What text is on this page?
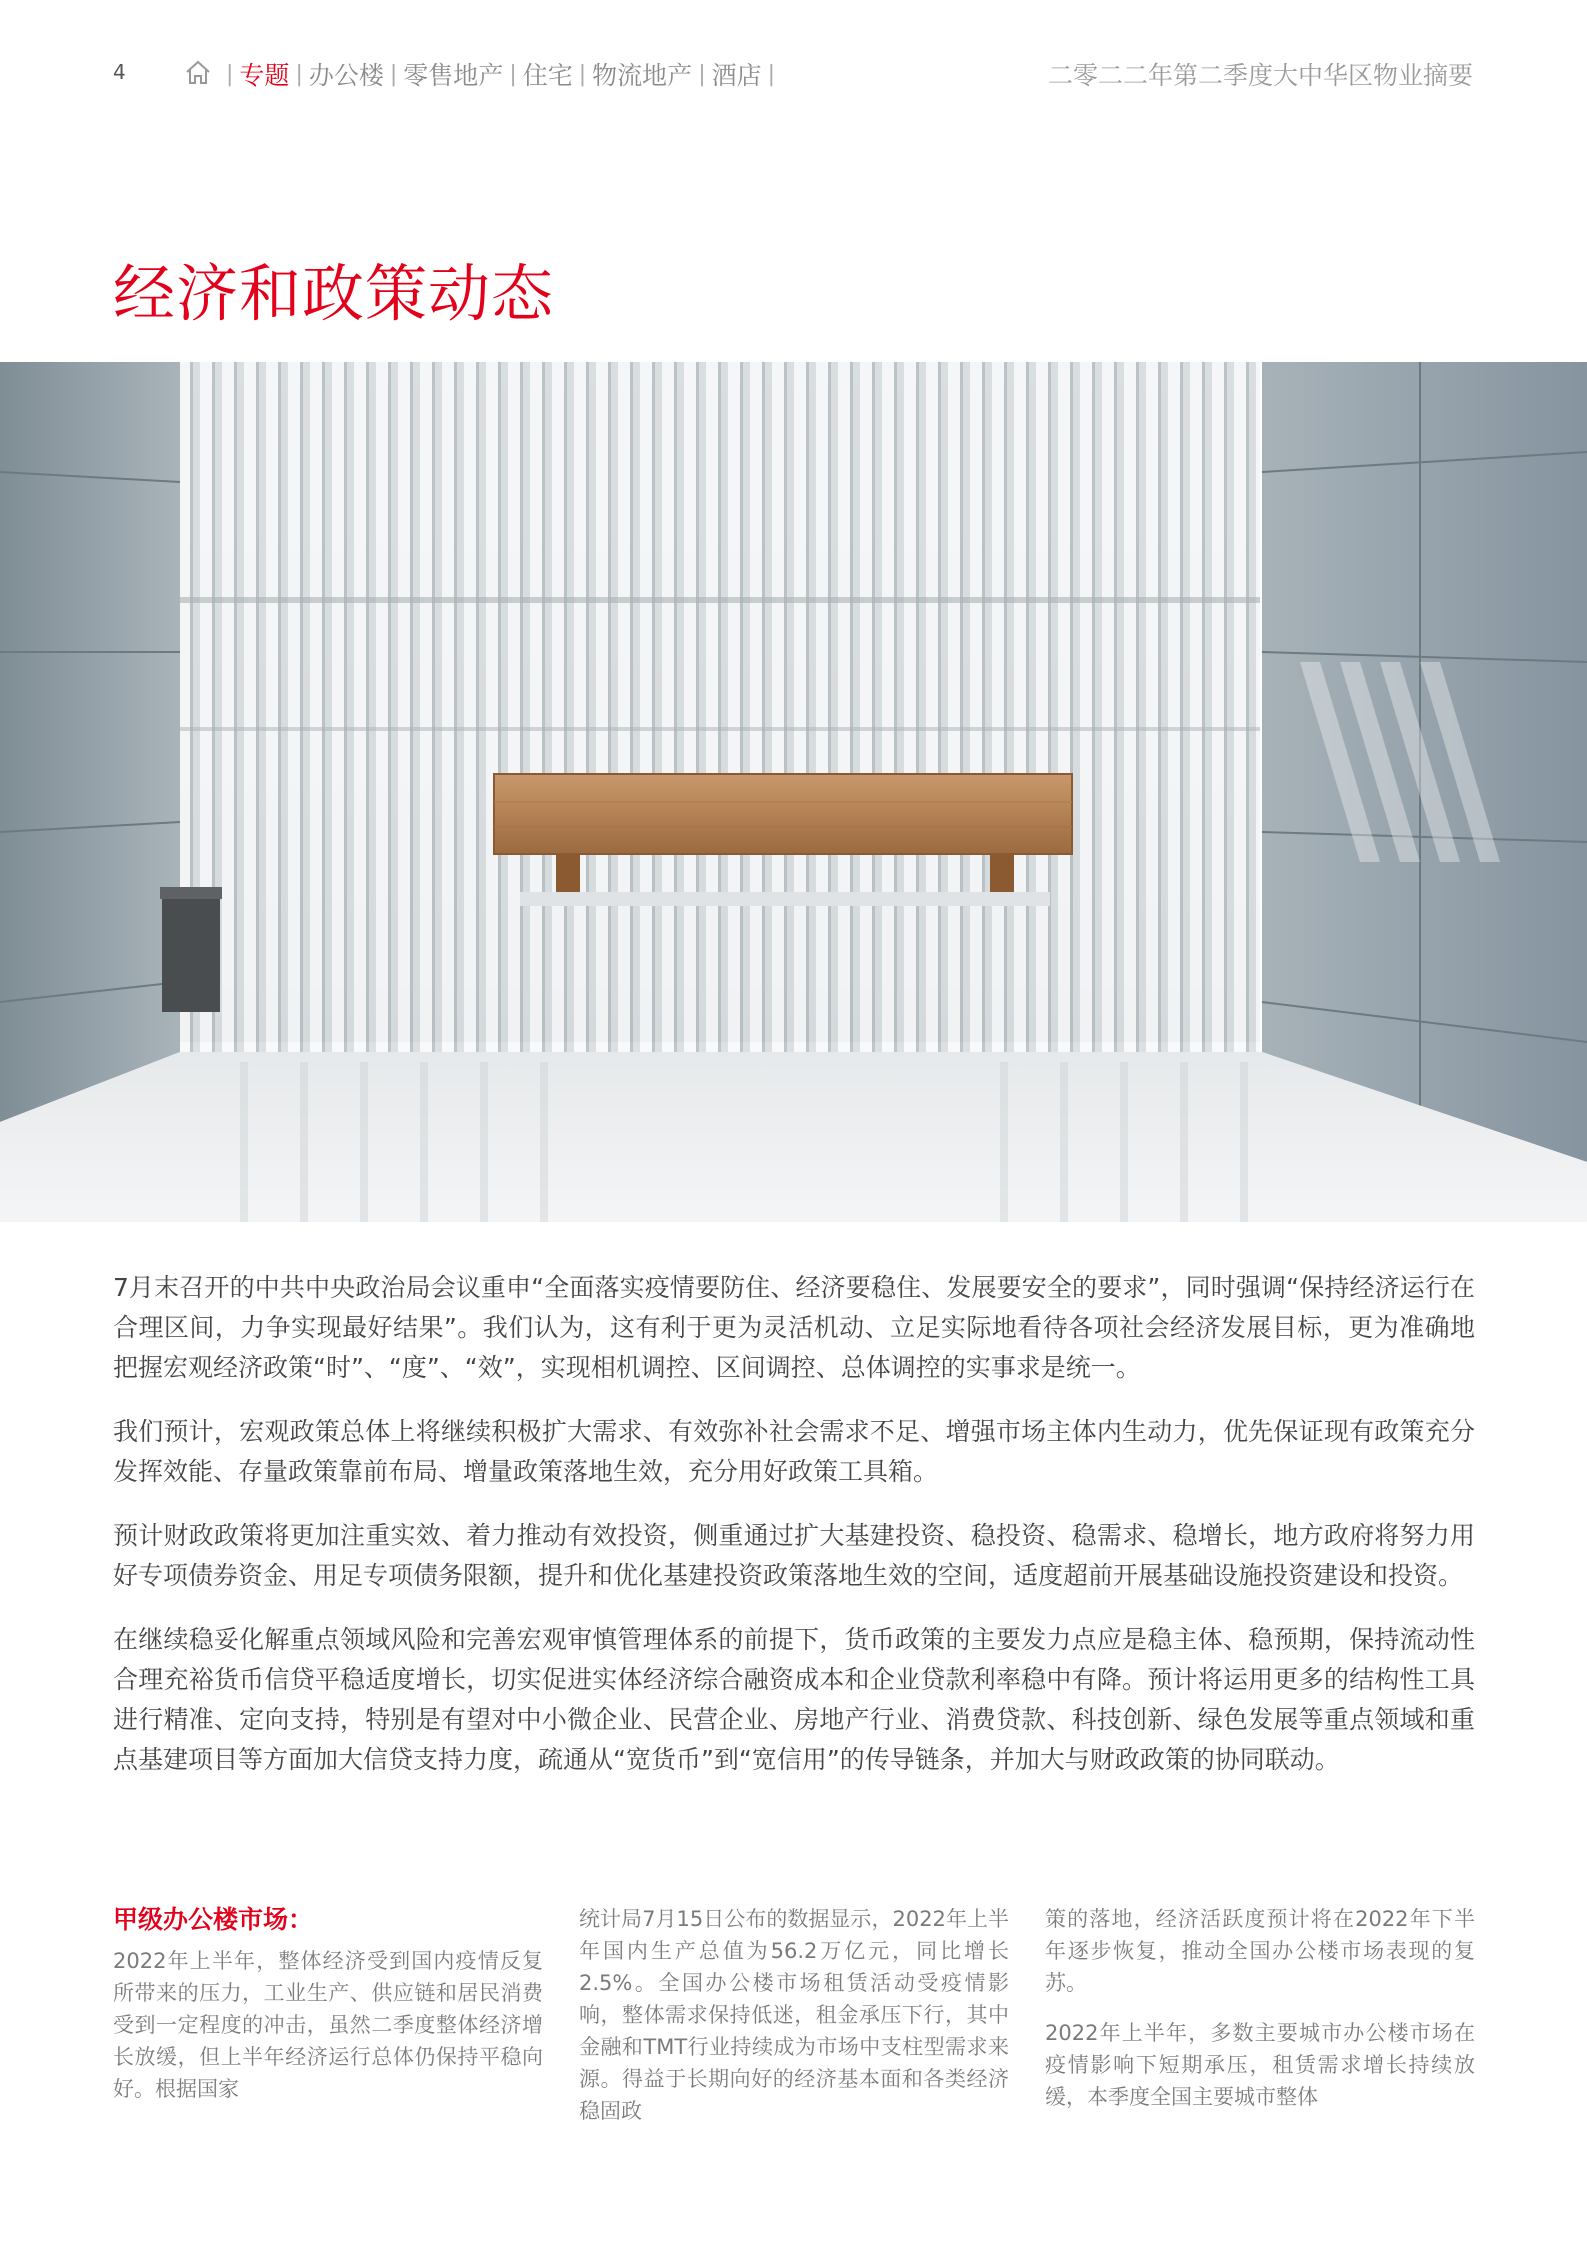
4	| 专题 | 办公楼 | 零售地产 | 住宅 | 物流地产 | 酒店 |	二零二二年第二季度大中华区物业摘要
经济和政策动态

7月末召开的中共中央政治局会议重申“全面落实疫情要防住、经济要稳住、发展要安全的要求”，同时强调“保持经济运行在合理区间，力争实现最好结果”。我们认为，这有利于更为灵活机动、立足实际地看待各项社会经济发展目标，更为准确地把握宏观经济政策“时”、“度”、“效”，实现相机调控、区间调控、总体调控的实事求是统一。

我们预计，宏观政策总体上将继续积极扩大需求、有效弥补社会需求不足、增强市场主体内生动力，优先保证现有政策充分发挥效能、存量政策靠前布局、增量政策落地生效，充分用好政策工具箱。

预计财政政策将更加注重实效、着力推动有效投资，侧重通过扩大基建投资、稳投资、稳需求、稳增长，地方政府将努力用好专项债券资金、用足专项债务限额，提升和优化基建投资政策落地生效的空间，适度超前开展基础设施投资建设和投资。

在继续稳妥化解重点领域风险和完善宏观审慎管理体系的前提下，货币政策的主要发力点应是稳主体、稳预期，保持流动性合理充裕货币信贷平稳适度增长，切实促进实体经济综合融资成本和企业贷款利率稳中有降。预计将运用更多的结构性工具进行精准、定向支持，特别是有望对中小微企业、民营企业、房地产行业、消费贷款、科技创新、绿色发展等重点领域和重点基建项目等方面加大信贷支持力度，疏通从“宽货币”到“宽信用”的传导链条，并加大与财政政策的协同联动。

甲级办公楼市场：

2022年上半年，整体经济受到国内疫情反复所带来的压力，工业生产、供应链和居民消费受到一定程度的冲击，虽然二季度整体经济增长放缓，但上半年经济运行总体仍保持平稳向好。根据国家

统计局7月15日公布的数据显示，2022年上半年国内生产总值为56.2万亿元，同比增长2.5%。全国办公楼市场租赁活动受疫情影响，整体需求保持低迷，租金承压下行，其中金融和TMT行业持续成为市场中支柱型需求来源。得益于长期向好的经济基本面和各类经济稳固政

策的落地，经济活跃度预计将在2022年下半年逐步恢复，推动全国办公楼市场表现的复苏。

2022年上半年，多数主要城市办公楼市场在疫情影响下短期承压，租赁需求增长持续放缓，本季度全国主要城市整体
